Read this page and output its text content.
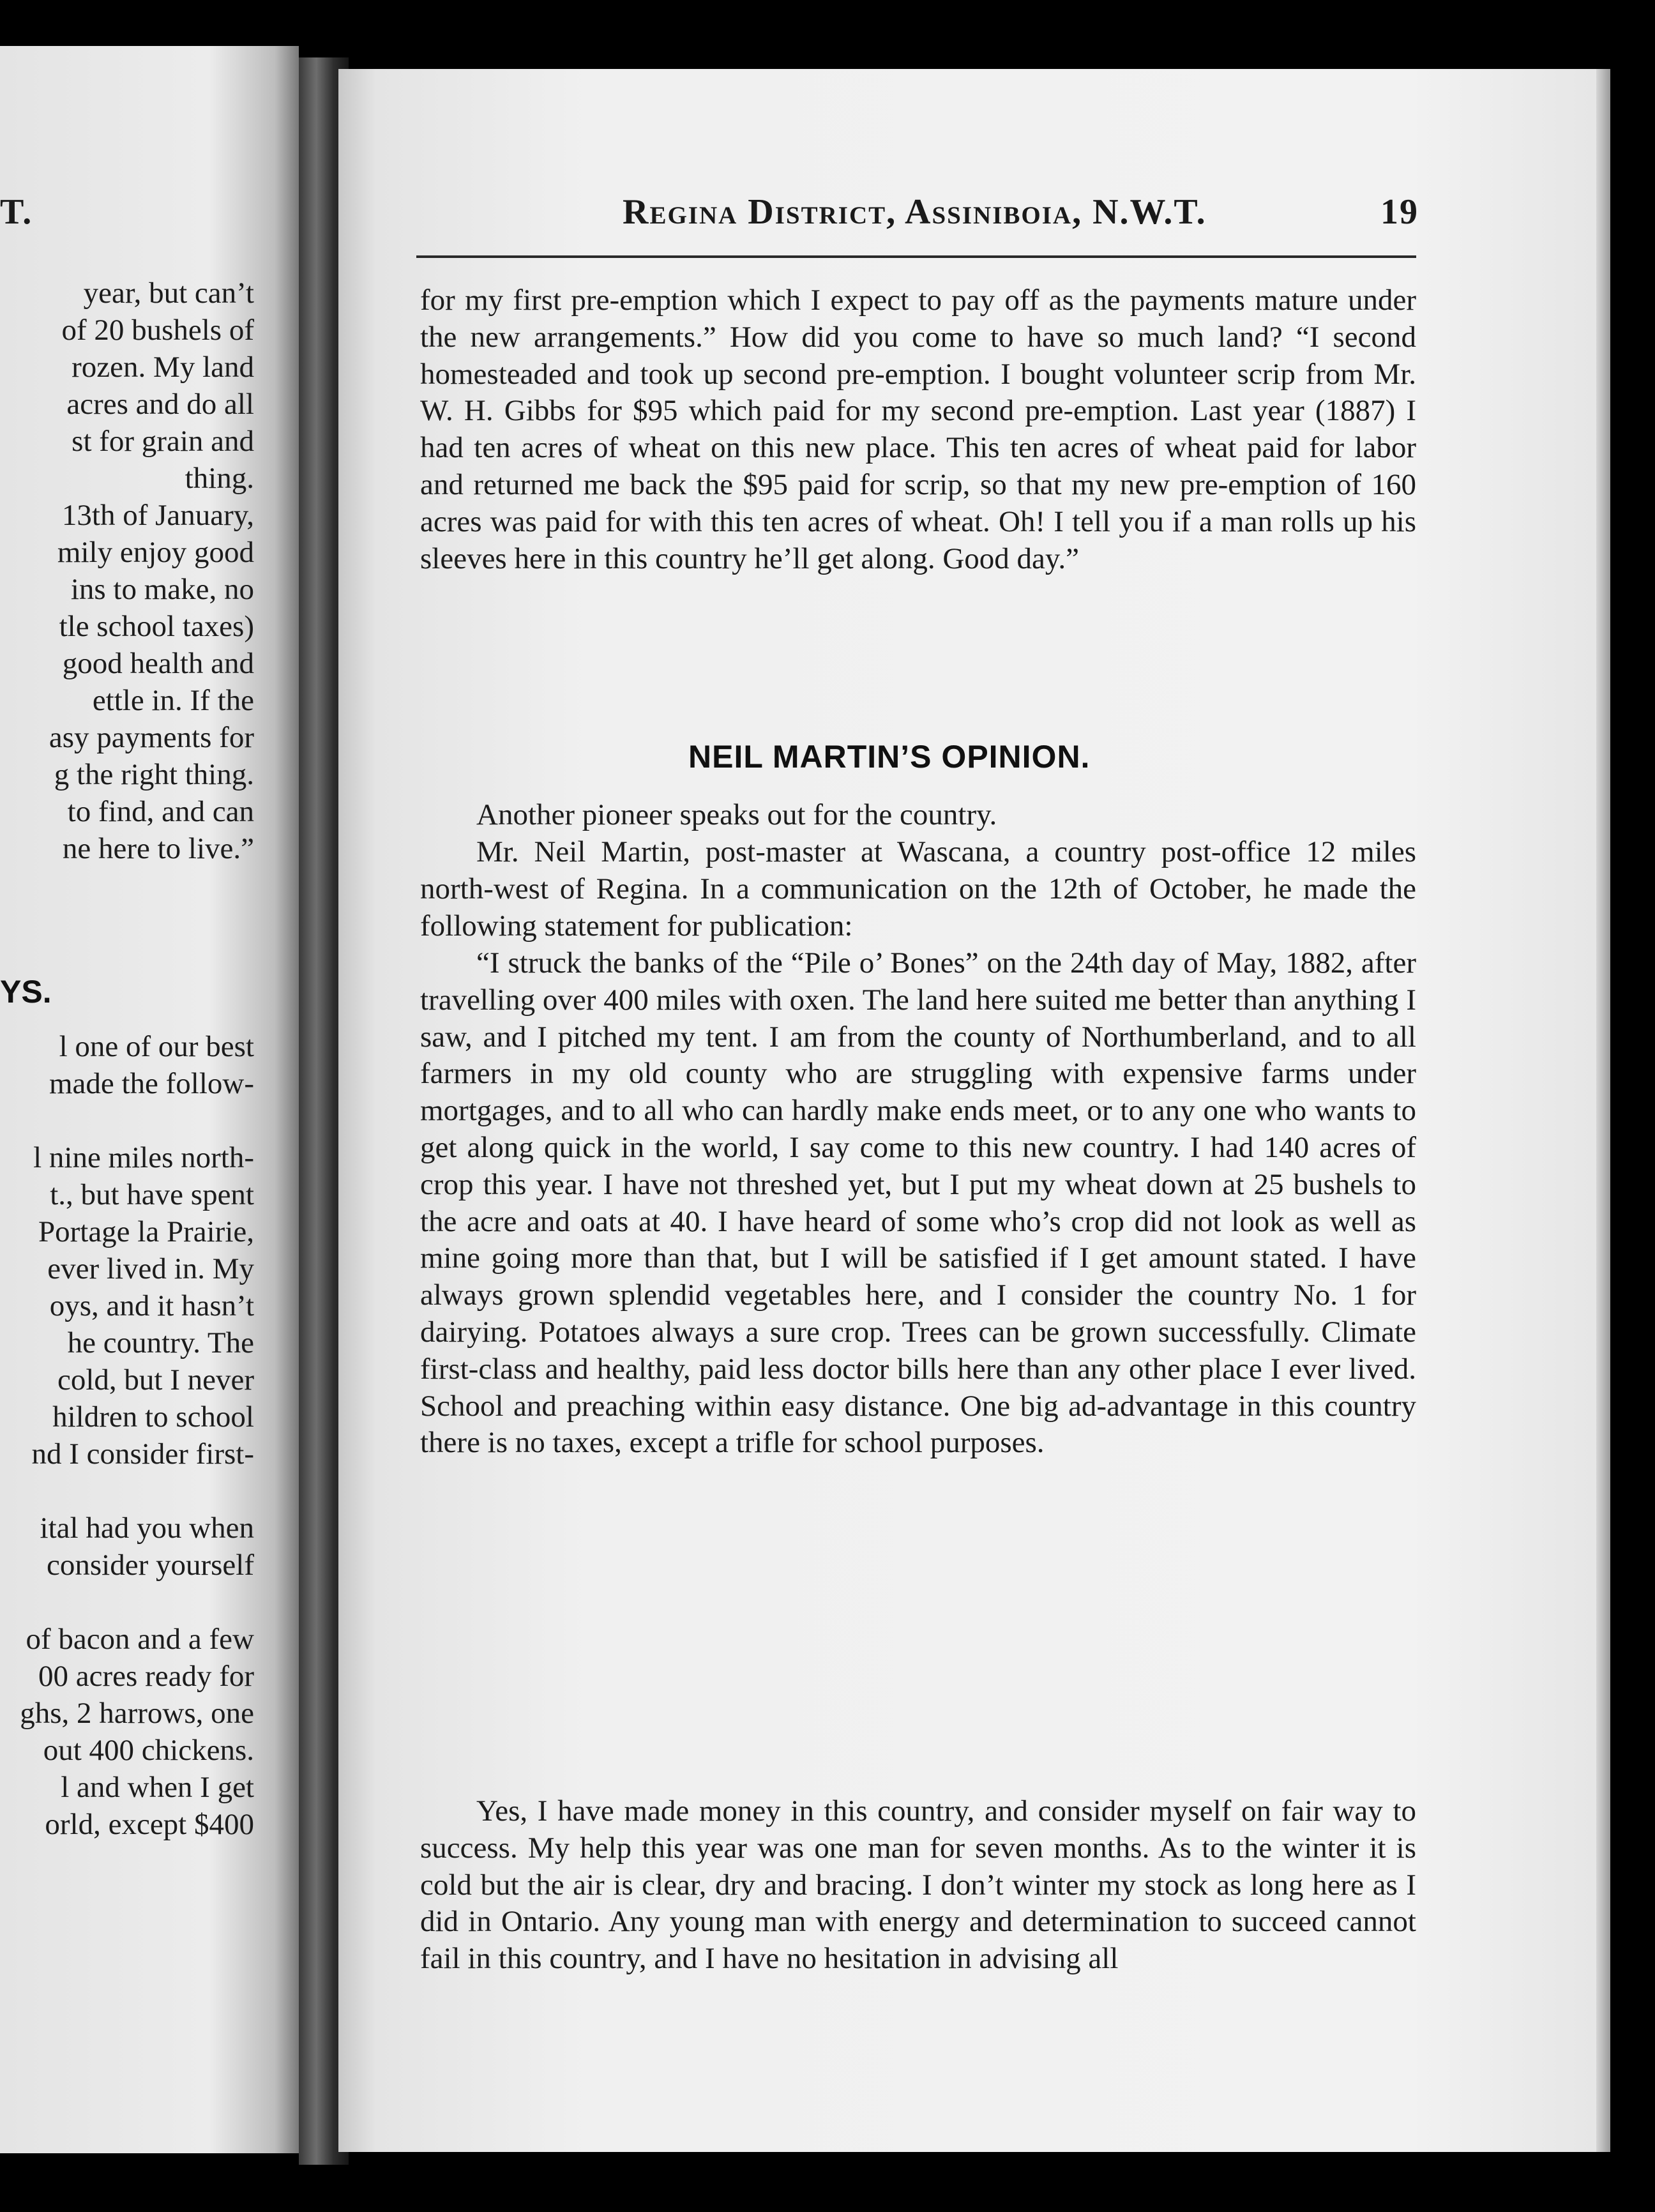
T.

year, but can’t

of 20 bushels of

rozen. My land

acres and do all

st for grain and

thing.

13th of January,

mily enjoy good

ins to make, no

tle school taxes)

good health and

ettle in. If the

asy payments for

g the right thing.

to find, and can

ne here to live.”

YS.

l one of our best

made the follow-

l nine miles north-

t., but have spent

Portage la Prairie,

ever lived in. My

oys, and it hasn’t

he country. The

cold, but I never

hildren to school

nd I consider first-

ital had you when

consider yourself

of bacon and a few

00 acres ready for

ghs, 2 harrows, one

out 400 chickens.

l and when I get

orld, except $400

Regina District, Assiniboia, N.W.T.	19

for my first pre-emption which I expect to pay off as the payments mature under the new arrangements.” How did you come to have so much land? “I second homesteaded and took up second pre-emption. I bought volunteer scrip from Mr. W. H. Gibbs for $95 which paid for my second pre-emption. Last year (1887) I had ten acres of wheat on this new place. This ten acres of wheat paid for labor and returned me back the $95 paid for scrip, so that my new pre-emption of 160 acres was paid for with this ten acres of wheat. Oh! I tell you if a man rolls up his sleeves here in this country he’ll get along. Good day.”

NEIL MARTIN’S OPINION.

Another pioneer speaks out for the country.

Mr. Neil Martin, post-master at Wascana, a country post-office 12 miles north-west of Regina. In a communication on the 12th of October, he made the following statement for publication:

“I struck the banks of the “Pile o’ Bones” on the 24th day of May, 1882, after travelling over 400 miles with oxen. The land here suited me better than anything I saw, and I pitched my tent. I am from the county of Northumberland, and to all farmers in my old county who are struggling with expensive farms under mortgages, and to all who can hardly make ends meet, or to any one who wants to get along quick in the world, I say come to this new country. I had 140 acres of crop this year. I have not threshed yet, but I put my wheat down at 25 bushels to the acre and oats at 40. I have heard of some who’s crop did not look as well as mine going more than that, but I will be satisfied if I get amount stated. I have always grown splendid vegetables here, and I consider the country No. 1 for dairying. Potatoes always a sure crop. Trees can be grown successfully. Climate first-class and healthy, paid less doctor bills here than any other place I ever lived. School and preaching within easy distance. One big ad-advantage in this country there is no taxes, except a trifle for school purposes.

Yes, I have made money in this country, and consider myself on fair way to success. My help this year was one man for seven months. As to the winter it is cold but the air is clear, dry and bracing. I don’t winter my stock as long here as I did in Ontario. Any young man with energy and determination to succeed cannot fail in this country, and I have no hesitation in advising all
